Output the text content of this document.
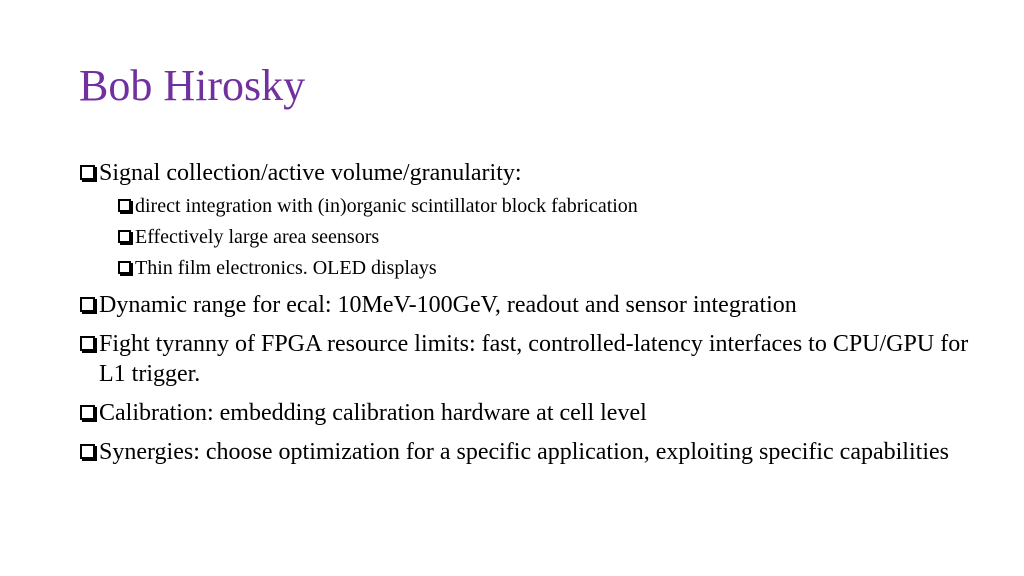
Bob Hirosky
Signal collection/active volume/granularity:
direct integration with (in)organic scintillator block fabrication
Effectively large area seensors
Thin film electronics. OLED displays
Dynamic range for ecal: 10MeV-100GeV, readout and sensor integration
Fight tyranny of FPGA resource limits: fast, controlled-latency interfaces to CPU/GPU for L1 trigger.
Calibration: embedding calibration hardware at cell level
Synergies: choose optimization for a specific application, exploiting specific capabilities
